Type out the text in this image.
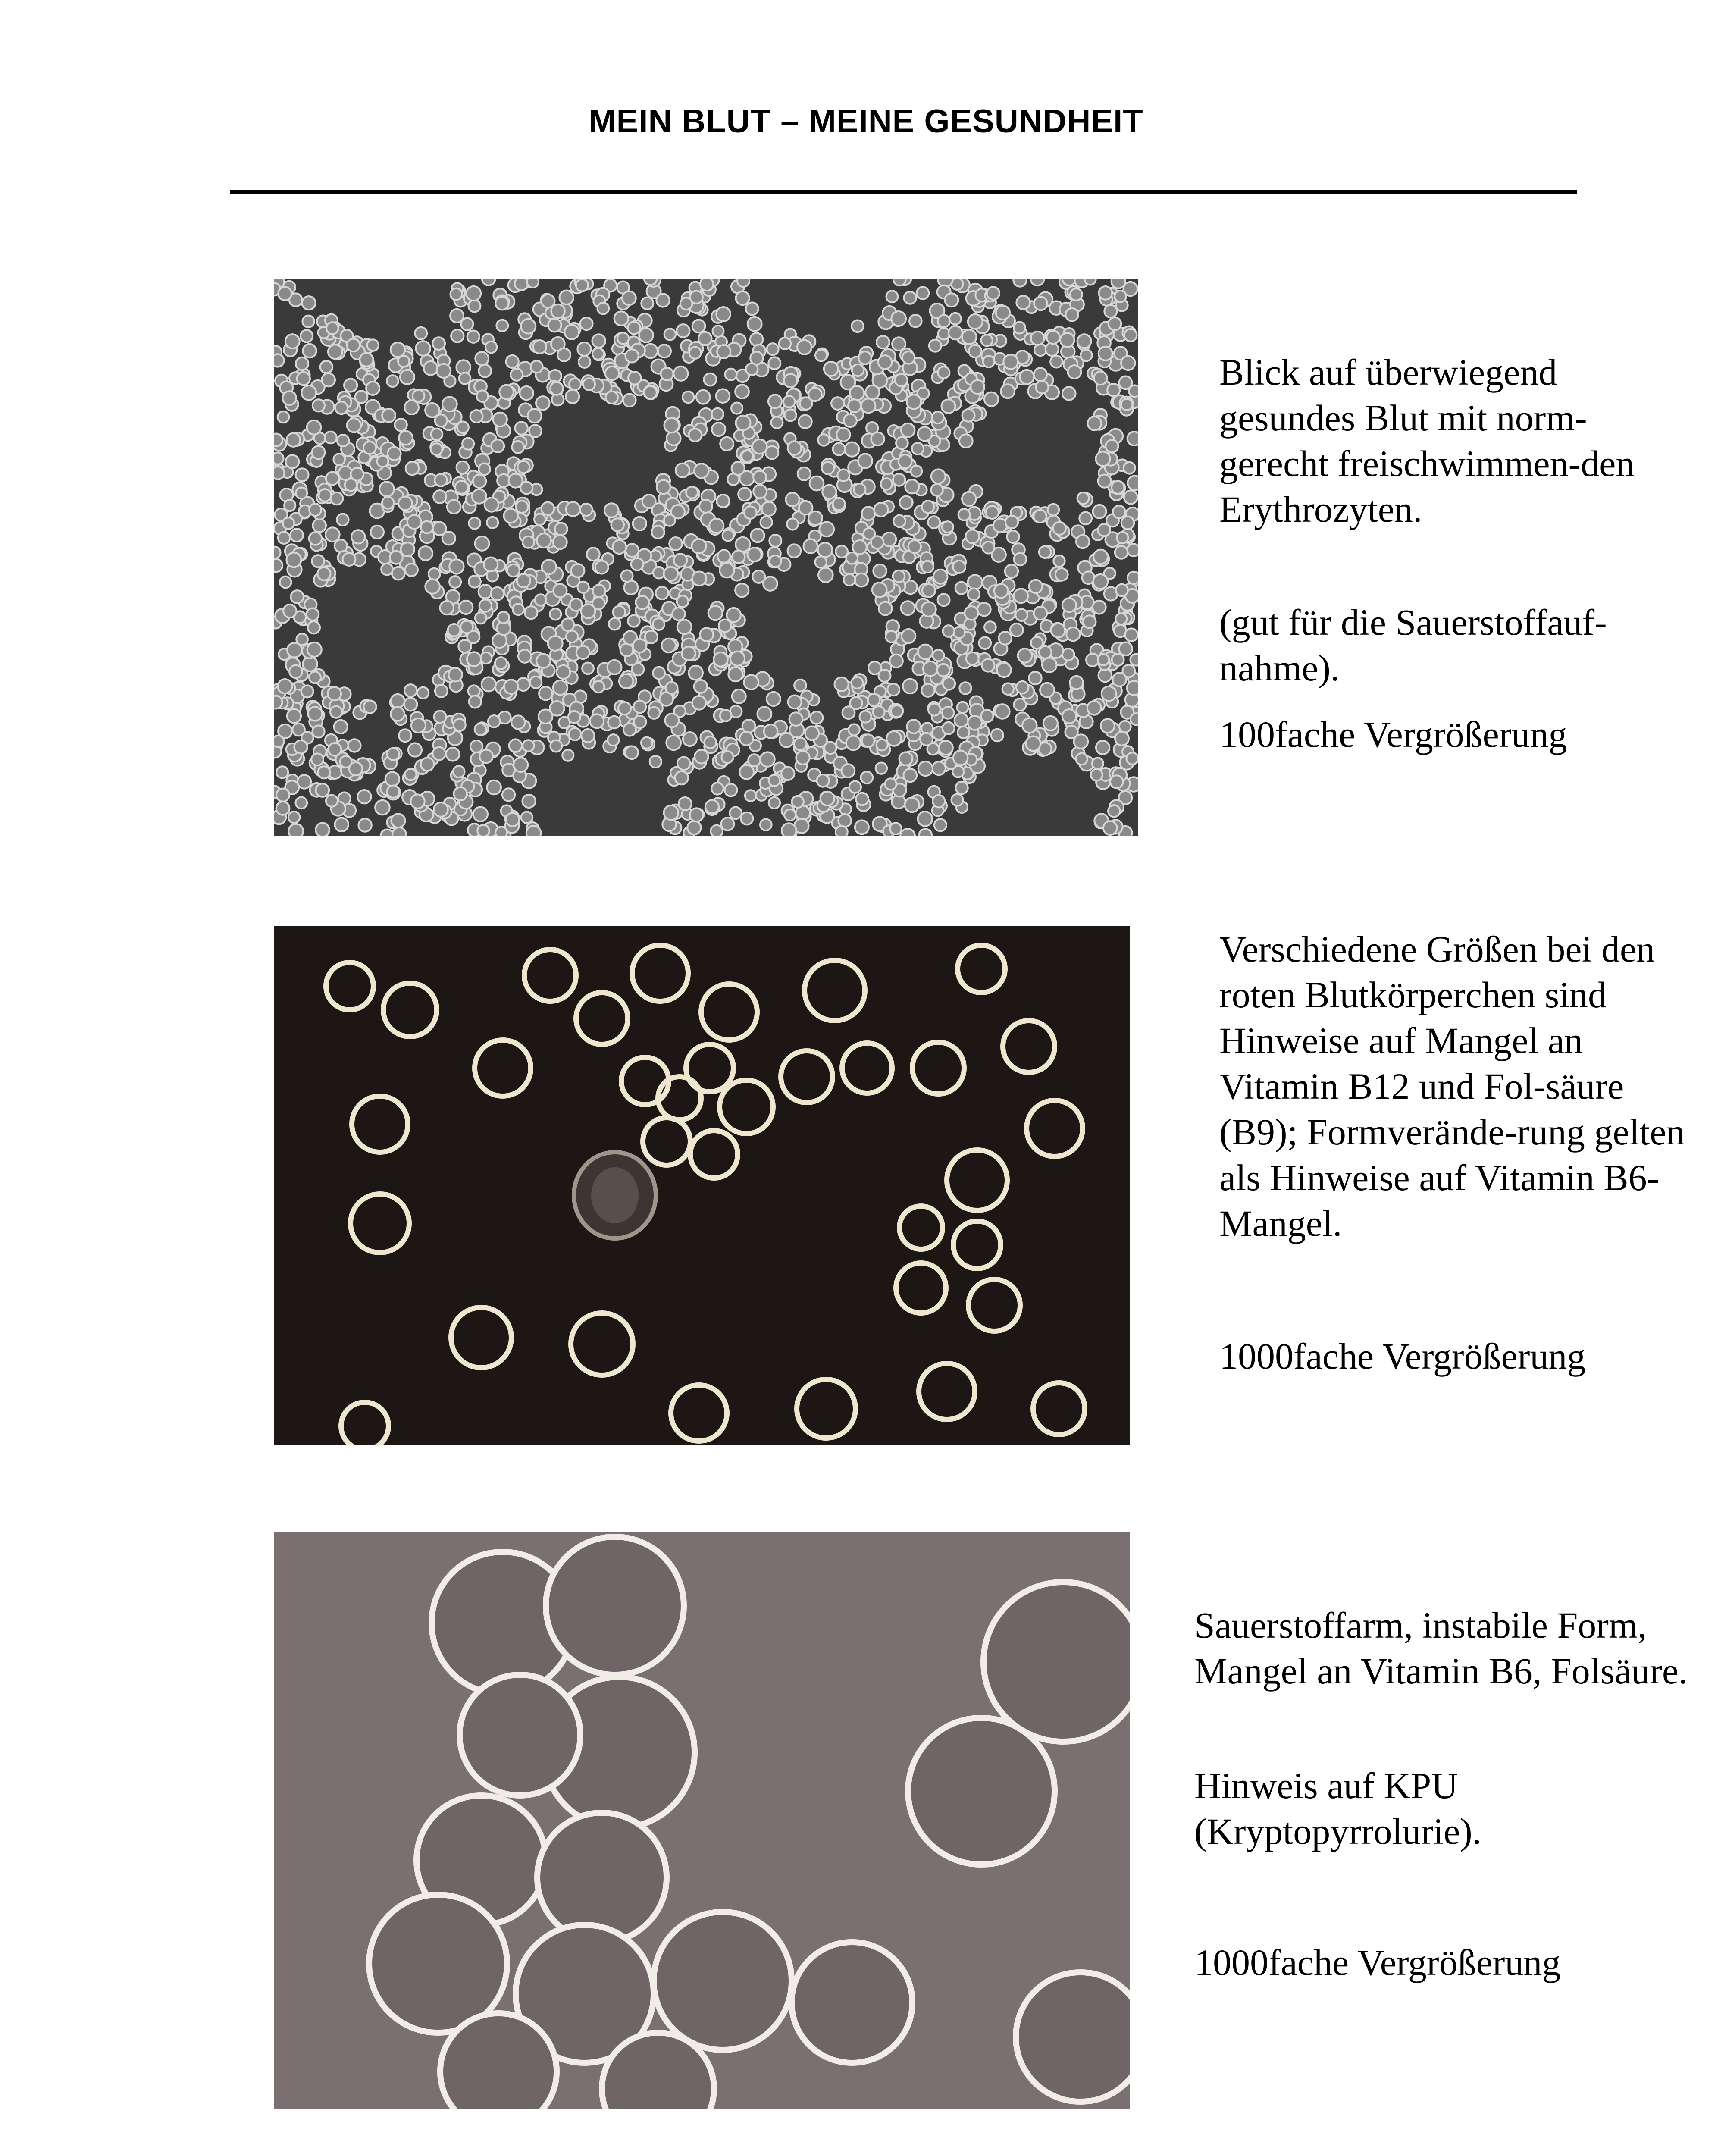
MEIN BLUT – MEINE GESUNDHEIT

Blick auf überwiegend gesundes Blut mit norm-gerecht freischwimmen-den Erythrozyten.

(gut für die Sauerstoffauf-nahme).

100fache Vergrößerung

Verschiedene Größen bei den roten Blutkörperchen sind Hinweise auf Mangel an Vitamin B12 und Fol-säure (B9); Formverände-rung gelten als Hinweise auf Vitamin B6-Mangel.

1000fache Vergrößerung

Sauerstoffarm, instabile Form, Mangel an Vitamin B6, Folsäure.

Hinweis auf KPU (Kryptopyrrolurie).

1000fache Vergrößerung
